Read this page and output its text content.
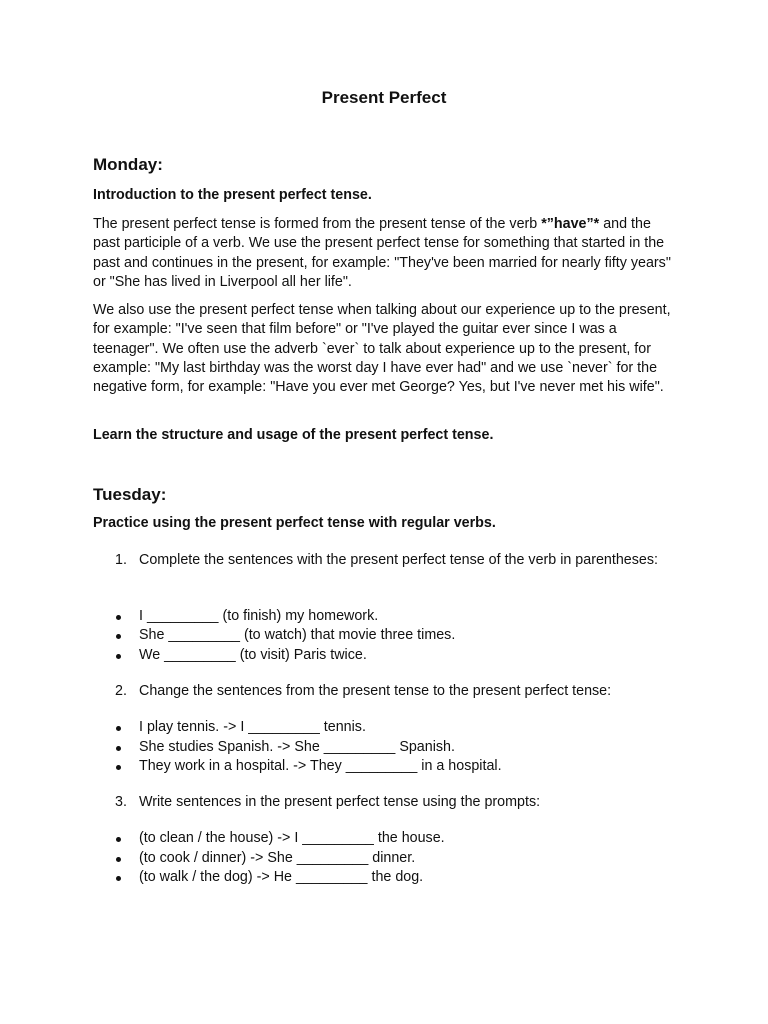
Present Perfect
Monday:
Introduction to the present perfect tense.

The present perfect tense is formed from the present tense of the verb *”have”* and the past participle of a verb. We use the present perfect tense for something that started in the past and continues in the present, for example: "They've been married for nearly fifty years" or "She has lived in Liverpool all her life".

We also use the present perfect tense when talking about our experience up to the present, for example: "I've seen that film before" or "I've played the guitar ever since I was a teenager". We often use the adverb `ever` to talk about experience up to the present, for example: "My last birthday was the worst day I have ever had" and we use `never` for the negative form, for example: "Have you ever met George? Yes, but I've never met his wife".

Learn the structure and usage of the present perfect tense.
Tuesday:
Practice using the present perfect tense with regular verbs.
1. Complete the sentences with the present perfect tense of the verb in parentheses:
I _________ (to finish) my homework.
She _________ (to watch) that movie three times.
We _________ (to visit) Paris twice.
2. Change the sentences from the present tense to the present perfect tense:
I play tennis. -> I _________ tennis.
She studies Spanish. -> She _________ Spanish.
They work in a hospital. -> They _________ in a hospital.
3. Write sentences in the present perfect tense using the prompts:
(to clean / the house) -> I _________ the house.
(to cook / dinner) -> She _________ dinner.
(to walk / the dog) -> He _________ the dog.
